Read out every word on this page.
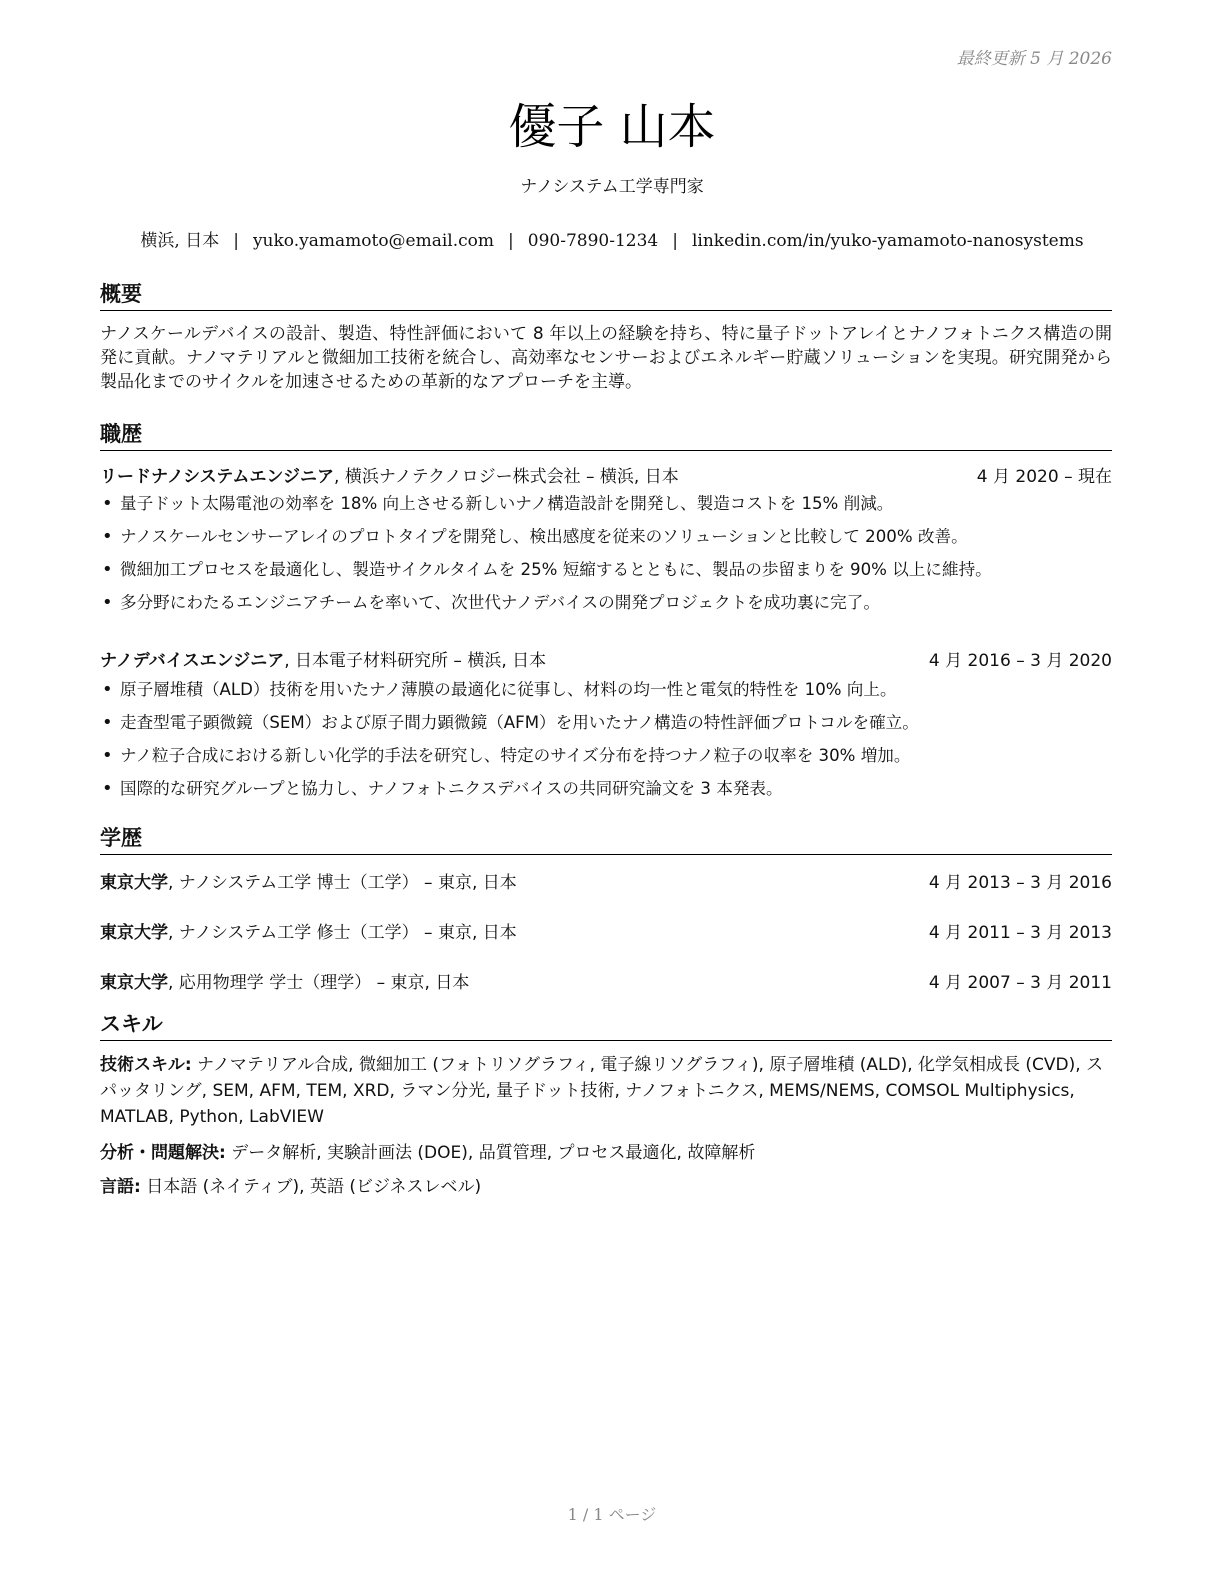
最終更新 5 月 2026
優子 山本
ナノシステム工学専門家
横浜, 日本 | yuko.yamamoto@email.com | 090-7890-1234 | linkedin.com/in/yuko-yamamoto-nanosystems
概要
ナノスケールデバイスの設計、製造、特性評価において 8 年以上の経験を持ち、特に量子ドットアレイとナノフォトニクス構造の開発に貢献。ナノマテリアルと微細加工技術を統合し、高効率なセンサーおよびエネルギー貯蔵ソリューションを実現。研究開発から製品化までのサイクルを加速させるための革新的なアプローチを主導。
職歴
リードナノシステムエンジニア, 横浜ナノテクノロジー株式会社 – 横浜, 日本	4 月 2020 – 現在
• 量子ドット太陽電池の効率を 18% 向上させる新しいナノ構造設計を開発し、製造コストを 15% 削減。
• ナノスケールセンサーアレイのプロトタイプを開発し、検出感度を従来のソリューションと比較して 200% 改善。
• 微細加工プロセスを最適化し、製造サイクルタイムを 25% 短縮するとともに、製品の歩留まりを 90% 以上に維持。
• 多分野にわたるエンジニアチームを率いて、次世代ナノデバイスの開発プロジェクトを成功裏に完了。
ナノデバイスエンジニア, 日本電子材料研究所 – 横浜, 日本	4 月 2016 – 3 月 2020
• 原子層堆積（ALD）技術を用いたナノ薄膜の最適化に従事し、材料の均一性と電気的特性を 10% 向上。
• 走査型電子顕微鏡（SEM）および原子間力顕微鏡（AFM）を用いたナノ構造の特性評価プロトコルを確立。
• ナノ粒子合成における新しい化学的手法を研究し、特定のサイズ分布を持つナノ粒子の収率を 30% 増加。
• 国際的な研究グループと協力し、ナノフォトニクスデバイスの共同研究論文を 3 本発表。
学歴
東京大学, ナノシステム工学 博士（工学） – 東京, 日本	4 月 2013 – 3 月 2016
東京大学, ナノシステム工学 修士（工学） – 東京, 日本	4 月 2011 – 3 月 2013
東京大学, 応用物理学 学士（理学） – 東京, 日本	4 月 2007 – 3 月 2011
スキル
技術スキル: ナノマテリアル合成, 微細加工 (フォトリソグラフィ, 電子線リソグラフィ), 原子層堆積 (ALD), 化学気相成長 (CVD), スパッタリング, SEM, AFM, TEM, XRD, ラマン分光, 量子ドット技術, ナノフォトニクス, MEMS/NEMS, COMSOL Multiphysics, MATLAB, Python, LabVIEW
分析・問題解決: データ解析, 実験計画法 (DOE), 品質管理, プロセス最適化, 故障解析
言語: 日本語 (ネイティブ), 英語 (ビジネスレベル)
1 / 1 ページ
